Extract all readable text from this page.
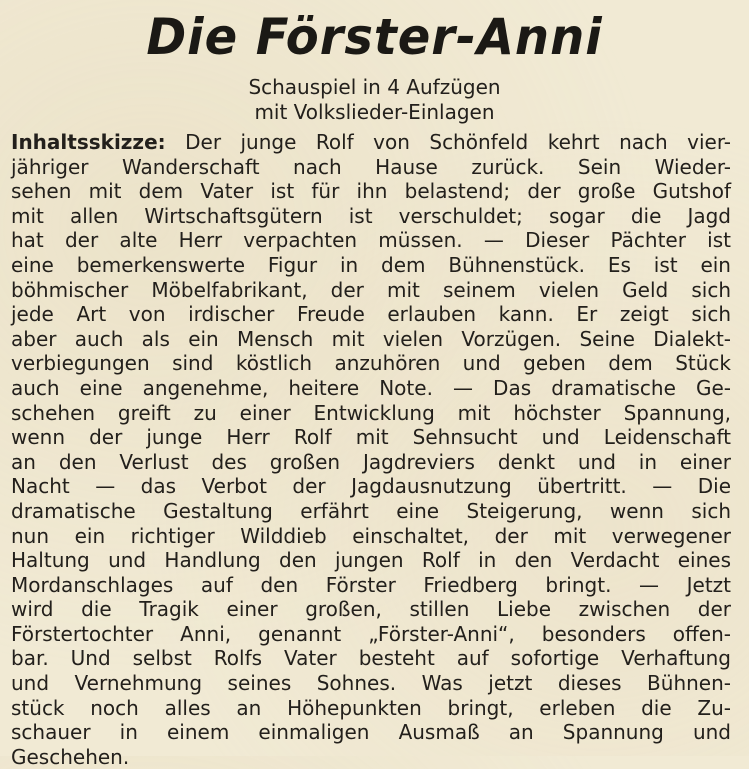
Die Förster-Anni
Schauspiel in 4 Aufzügen
mit Volkslieder-Einlagen
Inhaltsskizze: Der junge Rolf von Schönfeld kehrt nach vier-
jähriger Wanderschaft nach Hause zurück. Sein Wieder-
sehen mit dem Vater ist für ihn belastend; der große Gutshof
mit allen Wirtschaftsgütern ist verschuldet; sogar die Jagd
hat der alte Herr verpachten müssen. — Dieser Pächter ist
eine bemerkenswerte Figur in dem Bühnenstück. Es ist ein
böhmischer Möbelfabrikant, der mit seinem vielen Geld sich
jede Art von irdischer Freude erlauben kann. Er zeigt sich
aber auch als ein Mensch mit vielen Vorzügen. Seine Dialekt-
verbiegungen sind köstlich anzuhören und geben dem Stück
auch eine angenehme, heitere Note. — Das dramatische Ge-
schehen greift zu einer Entwicklung mit höchster Spannung,
wenn der junge Herr Rolf mit Sehnsucht und Leidenschaft
an den Verlust des großen Jagdreviers denkt und in einer
Nacht — das Verbot der Jagdausnutzung übertritt. — Die
dramatische Gestaltung erfährt eine Steigerung, wenn sich
nun ein richtiger Wilddieb einschaltet, der mit verwegener
Haltung und Handlung den jungen Rolf in den Verdacht eines
Mordanschlages auf den Förster Friedberg bringt. — Jetzt
wird die Tragik einer großen, stillen Liebe zwischen der
Förstertochter Anni, genannt „Förster-Anni“, besonders offen-
bar. Und selbst Rolfs Vater besteht auf sofortige Verhaftung
und Vernehmung seines Sohnes. Was jetzt dieses Bühnen-
stück noch alles an Höhepunkten bringt, erleben die Zu-
schauer in einem einmaligen Ausmaß an Spannung und
Geschehen.
